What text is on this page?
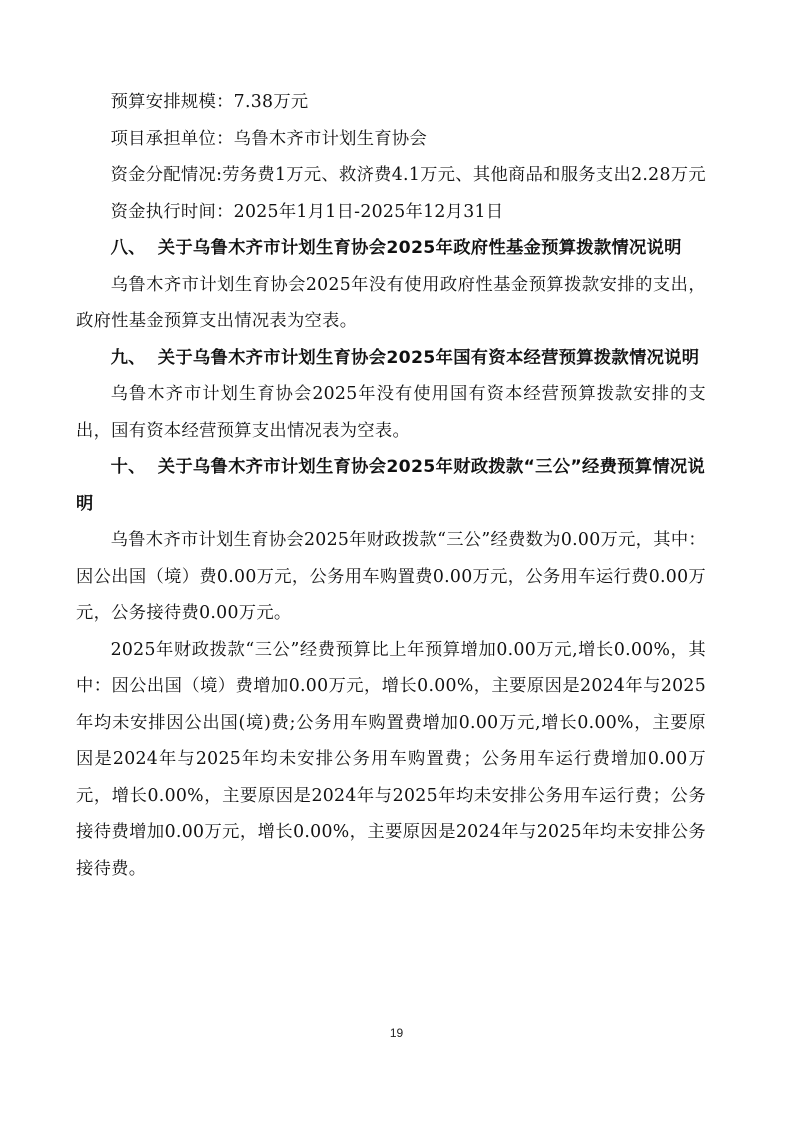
预算安排规模：7.38万元

项目承担单位：乌鲁木齐市计划生育协会

资金分配情况:劳务费1万元、救济费4.1万元、其他商品和服务支出2.28万元

资金执行时间：2025年1月1日-2025年12月31日

八、 关于乌鲁木齐市计划生育协会2025年政府性基金预算拨款情况说明

乌鲁木齐市计划生育协会2025年没有使用政府性基金预算拨款安排的支出，政府性基金预算支出情况表为空表。

九、 关于乌鲁木齐市计划生育协会2025年国有资本经营预算拨款情况说明

乌鲁木齐市计划生育协会2025年没有使用国有资本经营预算拨款安排的支出，国有资本经营预算支出情况表为空表。

十、 关于乌鲁木齐市计划生育协会2025年财政拨款“三公”经费预算情况说明

乌鲁木齐市计划生育协会2025年财政拨款“三公”经费数为0.00万元，其中：因公出国（境）费0.00万元，公务用车购置费0.00万元，公务用车运行费0.00万元，公务接待费0.00万元。

2025年财政拨款“三公”经费预算比上年预算增加0.00万元,增长0.00%，其中：因公出国（境）费增加0.00万元，增长0.00%，主要原因是2024年与2025年均未安排因公出国(境)费;公务用车购置费增加0.00万元,增长0.00%，主要原因是2024年与2025年均未安排公务用车购置费；公务用车运行费增加0.00万元，增长0.00%，主要原因是2024年与2025年均未安排公务用车运行费；公务接待费增加0.00万元，增长0.00%，主要原因是2024年与2025年均未安排公务接待费。

19
